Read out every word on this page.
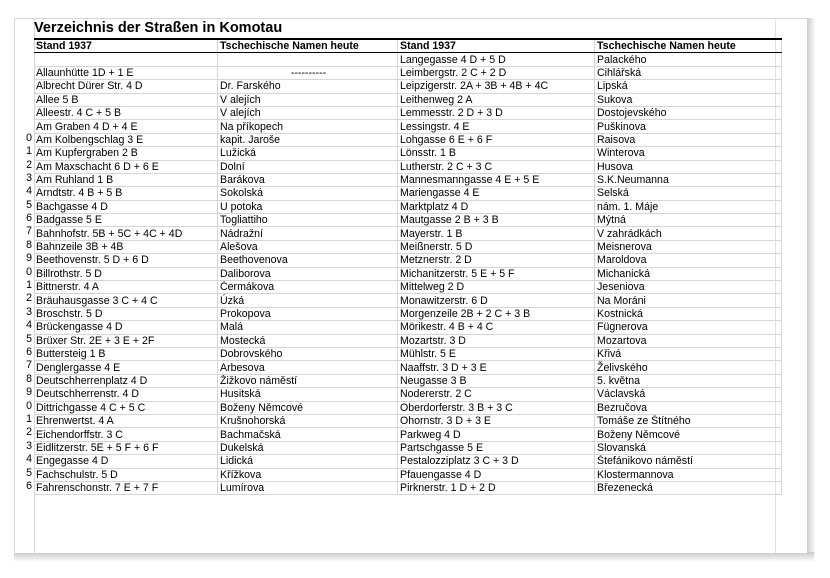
Verzeichnis der Straßen in Komotau
0
1
2
3
4
5
6
7
8
9
0
1
2
3
4
5
6
7
8
9
0
1
2
3
4
5
6
Stand 1937	Tschechische Namen heute	Stand 1937	Tschechische Namen heute
		Langegasse 4 D + 5 D	Palackého
Allaunhütte 1D + 1 E	----------	Leimbergstr. 2 C + 2 D	Cihlářská
Albrecht Dürer Str. 4 D	Dr. Farského	Leipzigerstr. 2A + 3B + 4B + 4C	Lipská
Allee 5 B	V alejích	Leithenweg 2 A	Sukova
Alleestr. 4 C + 5 B	V alejích	Lemmesstr. 2 D + 3 D	Dostojevského
Am Graben 4 D + 4 E	Na příkopech	Lessingstr. 4 E	Puškinova
Am Kolbengschlag 3 E	kapit. Jaroše	Lohgasse 6 E + 6 F	Raisova
Am Kupfergraben 2 B	Lužická	Lönsstr. 1 B	Winterova
Am Maxschacht 6 D + 6 E	Dolní	Lutherstr. 2 C + 3 C	Husova
Am Ruhland 1 B	Barákova	Mannesmanngasse 4 E + 5 E	S.K.Neumanna
Arndtstr. 4 B + 5 B	Sokolská	Mariengasse 4 E	Selská
Bachgasse 4 D	U potoka	Marktplatz 4 D	nám. 1. Máje
Badgasse 5 E	Togliattiho	Mautgasse 2 B + 3 B	Mýtná
Bahnhofstr. 5B + 5C + 4C + 4D	Nádražní	Mayerstr. 1 B	V zahrádkách
Bahnzeile 3B + 4B	Alešova	Meißnerstr. 5 D	Meisnerova
Beethovenstr. 5 D + 6 D	Beethovenova	Metznerstr. 2 D	Maroldova
Billrothstr. 5 D	Daliborova	Michanitzerstr. 5 E + 5 F	Michanická
Bittnerstr. 4 A	Čermákova	Mittelweg 2 D	Jeseniova
Bräuhausgasse 3 C + 4 C	Úzká	Monawitzerstr. 6 D	Na Moráni
Broschstr. 5 D	Prokopova	Morgenzeile 2B + 2 C + 3 B	Kostnická
Brückengasse 4 D	Malá	Mörikestr. 4 B + 4 C	Fügnerova
Brüxer Str. 2E + 3 E + 2F	Mostecká	Mozartstr. 3 D	Mozartova
Buttersteig 1 B	Dobrovského	Mühlstr. 5 E	Křivá
Denglergasse 4 E	Arbesova	Naaffstr. 3 D + 3 E	Želivského
Deutschherrenplatz 4 D	Žižkovo náměstí	Neugasse 3 B	5. května
Deutschherrenstr. 4 D	Husitská	Nodererstr. 2 C	Václavská
Dittrichgasse 4 C + 5 C	Boženy Němcové	Oberdorferstr. 3 B + 3 C	Bezručova
Ehrenwertst. 4 A	Krušnohorská	Ohornstr. 3 D + 3 E	Tomáše ze Štítného
Eichendorffstr. 3 C	Bachmačská	Parkweg 4 D	Boženy Němcové
Eidlitzerstr. 5E + 5 F + 6 F	Dukelská	Partschgasse 5 E	Slovanská
Engegasse 4 D	Lidická	Pestalozziplatz 3 C + 3 D	Štefánikovo náměstí
Fachschulstr. 5 D	Křížkova	Pfauengasse 4 D	Klostermannova
Fahrenschonstr. 7 E + 7 F	Lumírova	Pirknerstr. 1 D + 2 D	Březenecká
